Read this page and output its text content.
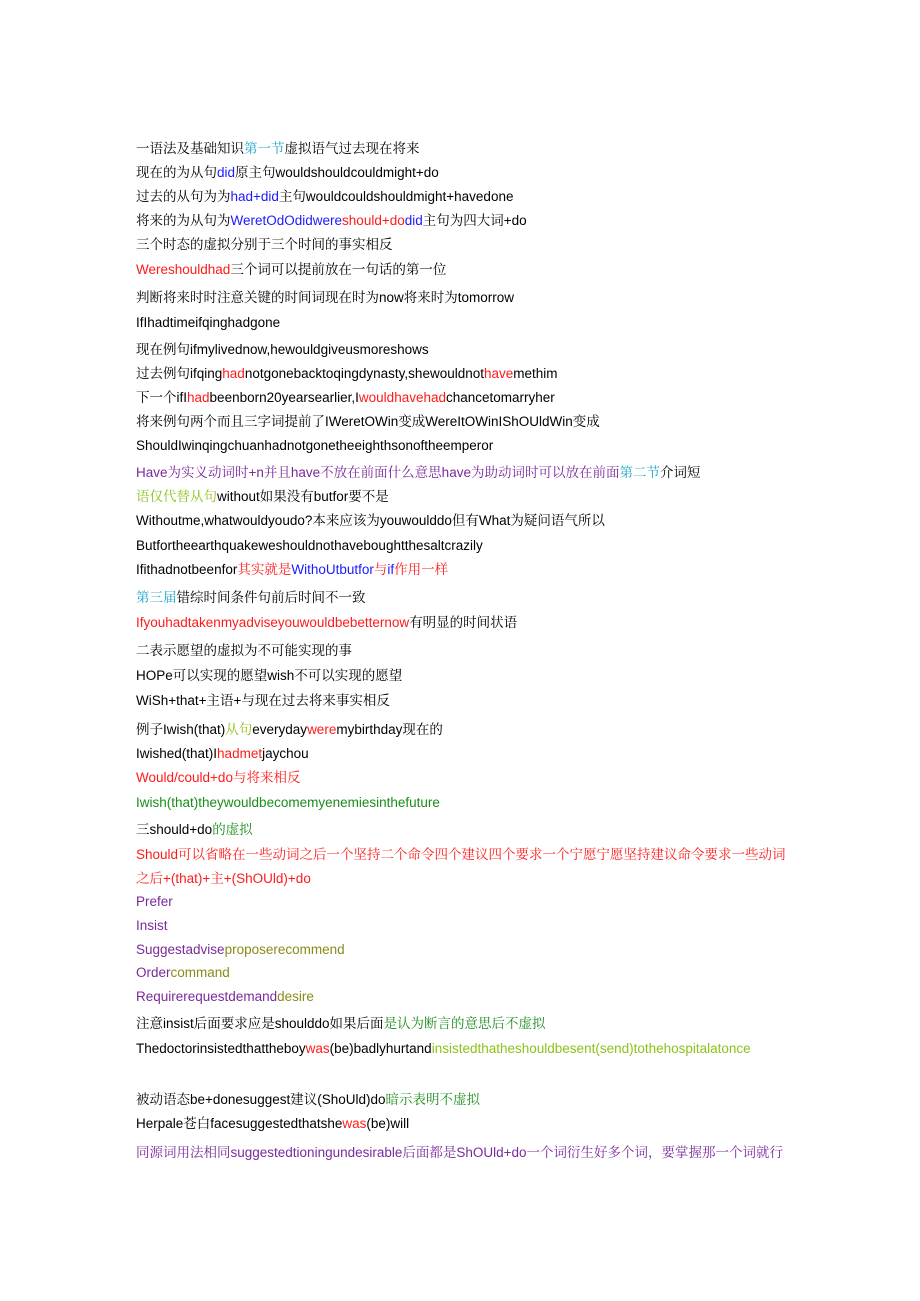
一语法及基础知识第一节虚拟语气过去现在将来
现在的为从句did原主句wouldshouldcouldmight+do
过去的从句为为had+did主句wouldcouldshouldmight+havedone
将来的为从句为WeretOdOdidwereshould+dodid主句为四大词+do
三个时态的虚拟分别于三个时间的事实相反
Wereshouldhad三个词可以提前放在一句话的第一位
判断将来时时注意关键的时间词现在时为now将来时为tomorrow
IfIhadtimeifqinghadgone
现在例句ifmylivednow,hewouldgiveusmoreshows
过去例句ifqinghadnotgonebacktoqingdynasty,shewouldnothavemethim
下一个ifIhadbeenborn20yearsearlier,Iwouldhavehadchancetomarryher
将来例句两个而且三字词提前了IWeretOWin变成WereItOWinIShOUldWin变成
ShouldIwinqingchuanhadnotgonetheeighthsonoftheemperor
Have为实义动词时+n并且have不放在前面什么意思have为助动词时可以放在前面第二节介词短
语仅代替从句without如果没有butfor要不是
Withoutme,whatwouldyoudo?本来应该为youwoulddo但有What为疑问语气所以
Butfortheearthquakeweshouldnothaveboughtthesaltcrazily
Ifithadnotbeenfor其实就是WithoUtbutfor与if作用一样
第三届错综时间条件句前后时间不一致
Ifyouhadtakenmyadviseyouwouldbebetternow有明显的时间状语
二表示愿望的虚拟为不可能实现的事
HOPe可以实现的愿望wish不可以实现的愿望
WiSh+that+主语+与现在过去将来事实相反
例子Iwish(that)从句everydayweremybirthday现在的
Iwished(that)Ihadmetjaychou
Would/could+do与将来相反
Iwish(that)theywouldbecomemyenemiesinthefuture
三should+do的虚拟
Should可以省略在一些动词之后一个坚持二个命令四个建议四个要求一个宁愿宁愿坚持建议命令要求一些动词之后+(that)+主+(ShOUld)+do
Prefer
Insist
Suggestadviseproposerecommend
Ordercommand
Requirerequestdemanddesire
注意insist后面要求应是shoulddo如果后面是认为断言的意思后不虚拟
Thedoctorinsistedthattheboywas(be)badlyhurtandinsistedthatheshouldbesent(send)tothehospitalatonce
被动语态be+donesuggest建议(ShoUld)do暗示表明不虚拟
Herpale苍白facesuggestedthatshewas(be)will
同源词用法相同suggestedtioningundesirable后面都是ShOUld+do一个词衍生好多个词，要掌握那一个词就行
